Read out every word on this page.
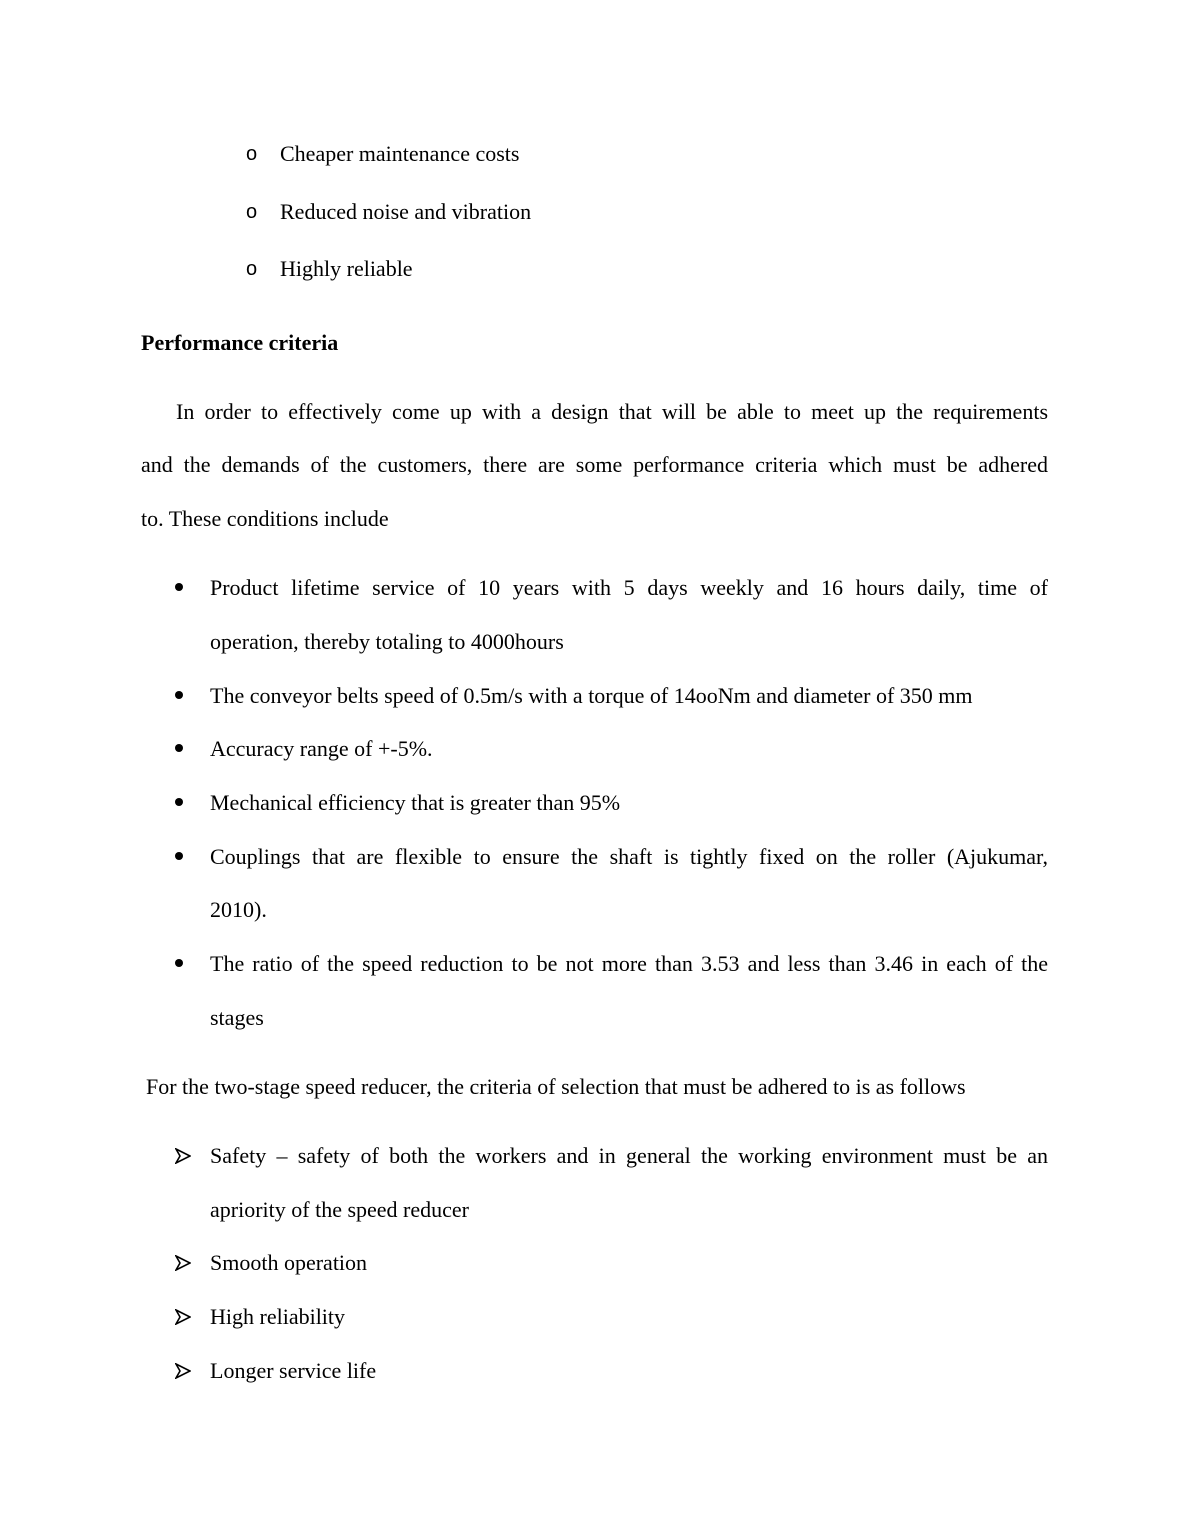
o Cheaper maintenance costs
o Reduced noise and vibration
o Highly reliable
Performance criteria
In order to effectively come up with a design that will be able to meet up the requirements
and the demands of the customers, there are some performance criteria which must be adhered
to. These conditions include
Product lifetime service of 10 years with 5 days weekly and 16 hours daily, time of
operation, thereby totaling to 4000hours
The conveyor belts speed of 0.5m/s with a torque of 14ooNm and diameter of 350 mm
Accuracy range of +-5%.
Mechanical efficiency that is greater than 95%
Couplings that are flexible to ensure the shaft is tightly fixed on the roller (Ajukumar,
2010).
The ratio of the speed reduction to be not more than 3.53 and less than 3.46 in each of the
stages
For the two-stage speed reducer, the criteria of selection that must be adhered to is as follows
Safety – safety of both the workers and in general the working environment must be an
apriority of the speed reducer
Smooth operation
High reliability
Longer service life
